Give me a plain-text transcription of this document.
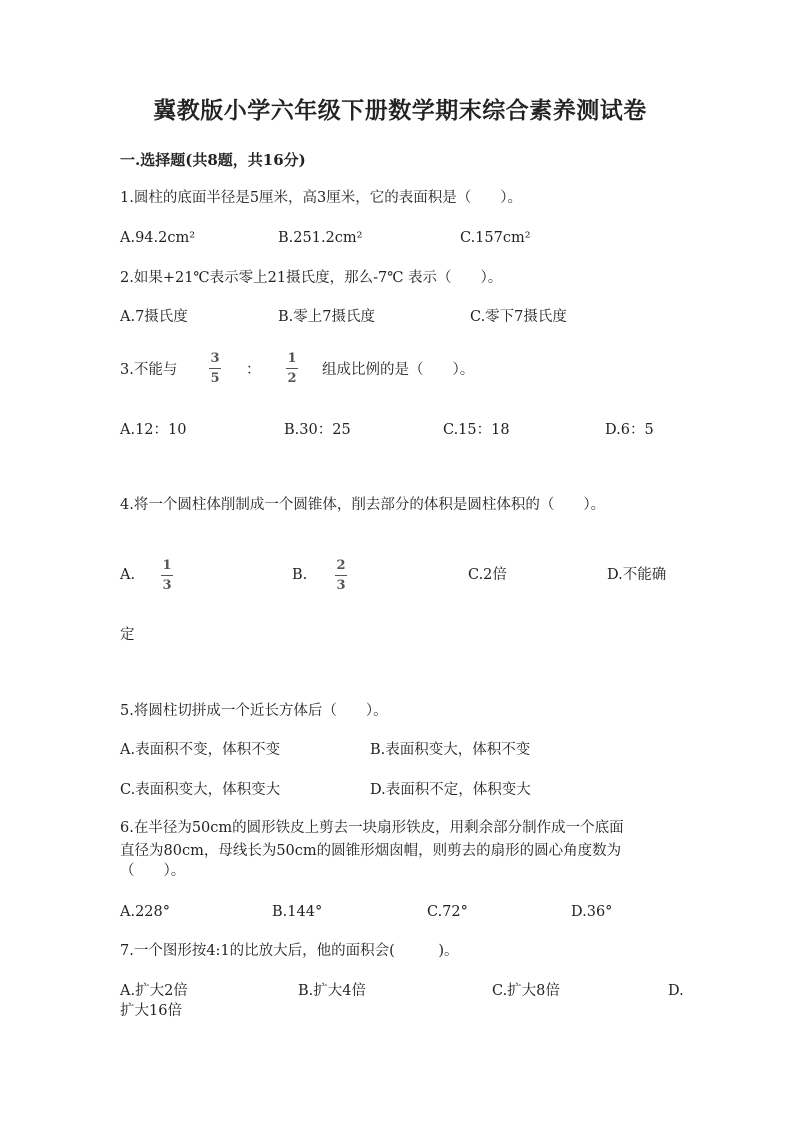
冀教版小学六年级下册数学期末综合素养测试卷
一.选择题(共8题，共16分)
1.圆柱的底面半径是5厘米，高3厘米，它的表面积是（　　）。
A.94.2cm²	B.251.2cm²	C.157cm²
2.如果+21℃表示零上21摄氏度，那么-7℃ 表示（　　）。
A.7摄氏度	B.零上7摄氏度	C.零下7摄氏度
3.不能与
3
5
：
1
2
组成比例的是（　　）。
A.12：10	B.30：25	C.15：18	D.6：5
4.将一个圆柱体削制成一个圆锥体，削去部分的体积是圆柱体积的（　　）。
A.
1
3
B.
2
3
C.2倍	D.不能确
定
5.将圆柱切拼成一个近长方体后（　　）。
A.表面积不变，体积不变	B.表面积变大，体积不变
C.表面积变大，体积变大	D.表面积不定，体积变大
6.在半径为50cm的圆形铁皮上剪去一块扇形铁皮，用剩余部分制作成一个底面
直径为80cm，母线长为50cm的圆锥形烟囱帽，则剪去的扇形的圆心角度数为
（　　）。
A.228°	B.144°	C.72°	D.36°
7.一个图形按4:1的比放大后，他的面积会(　　　)。
A.扩大2倍	B.扩大4倍	C.扩大8倍	D.
扩大16倍
